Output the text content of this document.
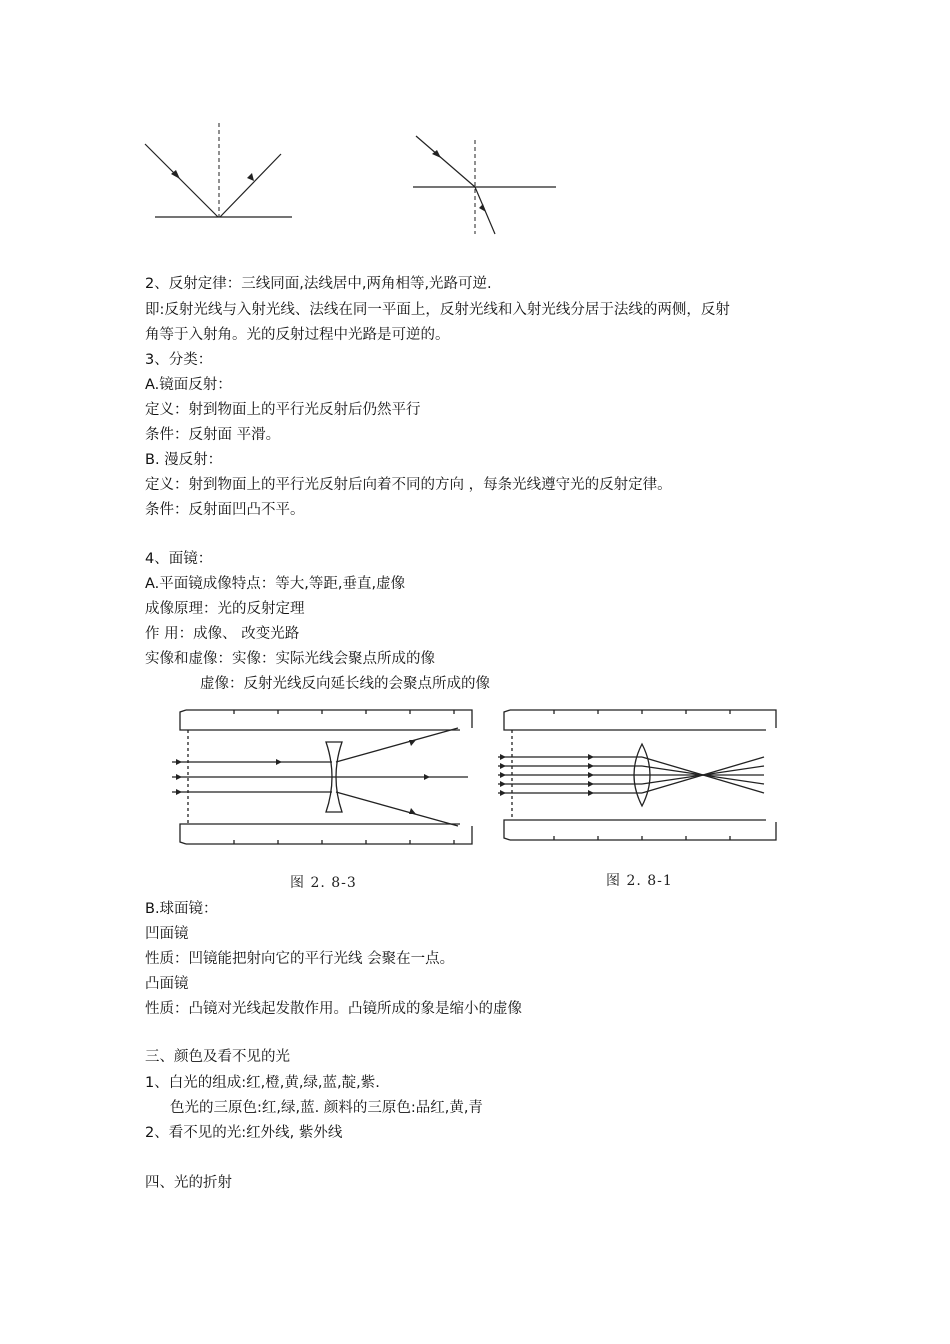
2、反射定律：三线同面,法线居中,两角相等,光路可逆.
即:反射光线与入射光线、法线在同一平面上，反射光线和入射光线分居于法线的两侧，反射
角等于入射角。光的反射过程中光路是可逆的。
3、分类：
A.镜面反射：
定义：射到物面上的平行光反射后仍然平行
条件：反射面 平滑。
B. 漫反射：
定义：射到物面上的平行光反射后向着不同的方向 ，每条光线遵守光的反射定律。
条件：反射面凹凸不平。
4、面镜：
A.平面镜成像特点：等大,等距,垂直,虚像
成像原理：光的反射定理
作 用：成像、 改变光路
实像和虚像：实像：实际光线会聚点所成的像
虚像：反射光线反向延长线的会聚点所成的像
图 2. 8-3	图 2. 8-1
B.球面镜：
凹面镜
性质：凹镜能把射向它的平行光线 会聚在一点。
凸面镜
性质：凸镜对光线起发散作用。凸镜所成的象是缩小的虚像
三、颜色及看不见的光
1、白光的组成:红,橙,黄,绿,蓝,靛,紫.
色光的三原色:红,绿,蓝. 颜料的三原色:品红,黄,青
2、看不见的光:红外线, 紫外线
四、光的折射
